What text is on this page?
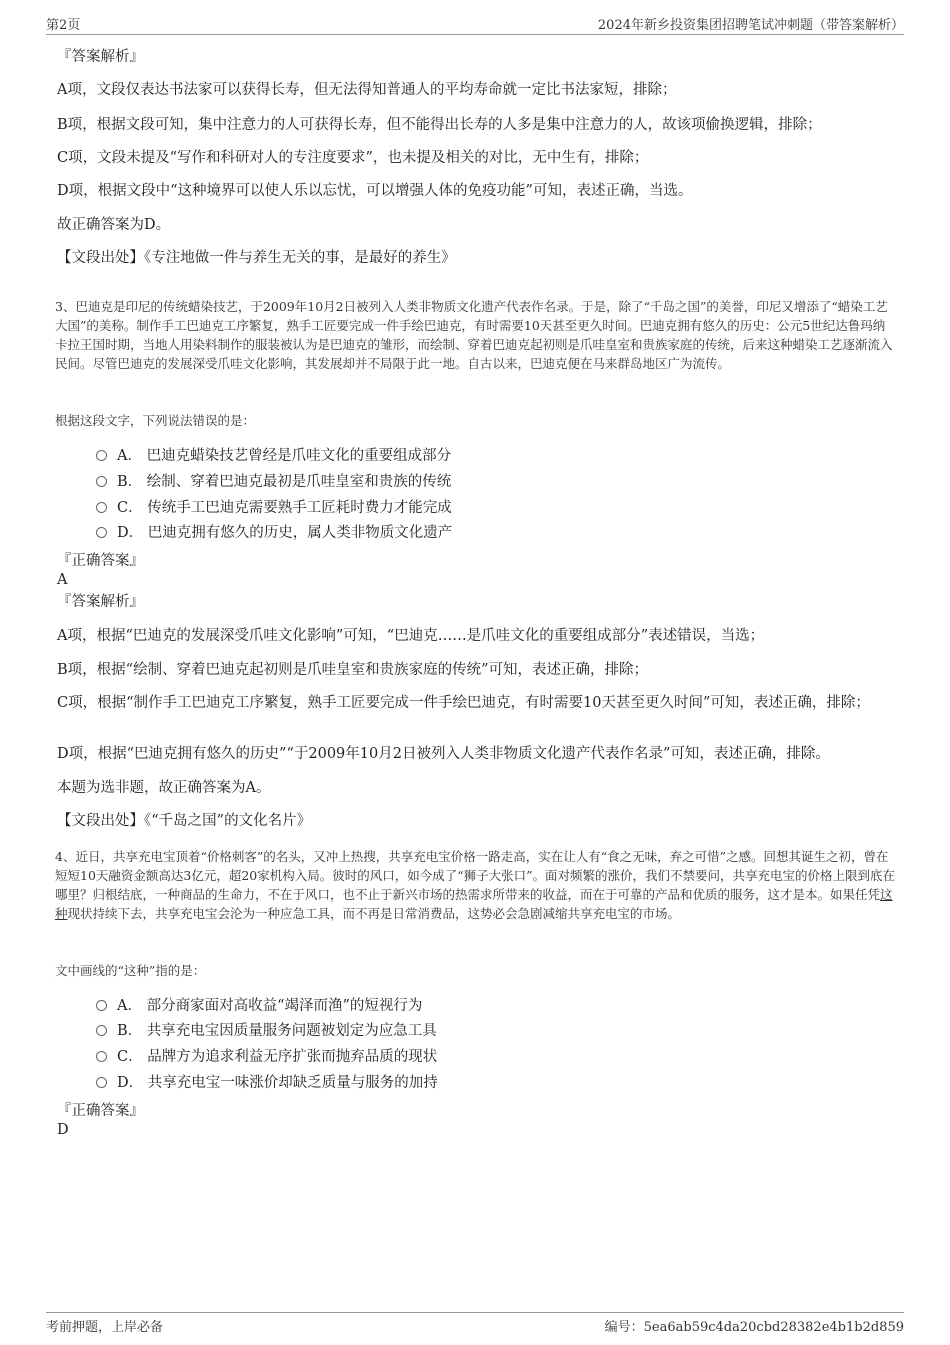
第2页	2024年新乡投资集团招聘笔试冲刺题（带答案解析）
『答案解析』
A项，文段仅表达书法家可以获得长寿，但无法得知普通人的平均寿命就一定比书法家短，排除；
B项，根据文段可知，集中注意力的人可获得长寿，但不能得出长寿的人多是集中注意力的人，故该项偷换逻辑，排除；
C项，文段未提及“写作和科研对人的专注度要求”，也未提及相关的对比，无中生有，排除；
D项，根据文段中“这种境界可以使人乐以忘忧，可以增强人体的免疫功能”可知，表述正确，当选。
故正确答案为D。
【文段出处】《专注地做一件与养生无关的事，是最好的养生》
3、巴迪克是印尼的传统蜡染技艺，于2009年10月2日被列入人类非物质文化遗产代表作名录。于是，除了“千岛之国”的美誉，印尼又增添了“蜡染工艺大国”的美称。制作手工巴迪克工序繁复，熟手工匠要完成一件手绘巴迪克，有时需要10天甚至更久时间。巴迪克拥有悠久的历史：公元5世纪达鲁玛纳卡拉王国时期，当地人用染料制作的服装被认为是巴迪克的雏形，而绘制、穿着巴迪克起初则是爪哇皇室和贵族家庭的传统，后来这种蜡染工艺逐渐流入民间。尽管巴迪克的发展深受爪哇文化影响，其发展却并不局限于此一地。自古以来，巴迪克便在马来群岛地区广为流传。
根据这段文字，下列说法错误的是：
A． 巴迪克蜡染技艺曾经是爪哇文化的重要组成部分
B． 绘制、穿着巴迪克最初是爪哇皇室和贵族的传统
C． 传统手工巴迪克需要熟手工匠耗时费力才能完成
D． 巴迪克拥有悠久的历史，属人类非物质文化遗产
『正确答案』
A
『答案解析』
A项，根据“巴迪克的发展深受爪哇文化影响”可知，“巴迪克……是爪哇文化的重要组成部分”表述错误，当选；
B项，根据“绘制、穿着巴迪克起初则是爪哇皇室和贵族家庭的传统”可知，表述正确，排除；
C项，根据“制作手工巴迪克工序繁复，熟手工匠要完成一件手绘巴迪克，有时需要10天甚至更久时间”可知，表述正确，排除；
D项，根据“巴迪克拥有悠久的历史”“于2009年10月2日被列入人类非物质文化遗产代表作名录”可知，表述正确，排除。
本题为选非题，故正确答案为A。
【文段出处】《“千岛之国”的文化名片》
4、近日，共享充电宝顶着“价格刺客”的名头，又冲上热搜，共享充电宝价格一路走高，实在让人有“食之无味，弃之可惜”之感。回想其诞生之初，曾在短短10天融资金额高达3亿元，超20家机构入局。彼时的风口，如今成了“狮子大张口”。面对频繁的涨价，我们不禁要问，共享充电宝的价格上限到底在哪里？归根结底，一种商品的生命力，不在于风口，也不止于新兴市场的热需求所带来的收益，而在于可靠的产品和优质的服务，这才是本。如果任凭这种现状持续下去，共享充电宝会沦为一种应急工具，而不再是日常消费品，这势必会急剧减缩共享充电宝的市场。
文中画线的“这种”指的是：
A． 部分商家面对高收益“竭泽而渔”的短视行为
B． 共享充电宝因质量服务问题被划定为应急工具
C． 品牌方为追求利益无序扩张而抛弃品质的现状
D． 共享充电宝一味涨价却缺乏质量与服务的加持
『正确答案』
D
考前押题，上岸必备	编号：5ea6ab59c4da20cbd28382e4b1b2d859
